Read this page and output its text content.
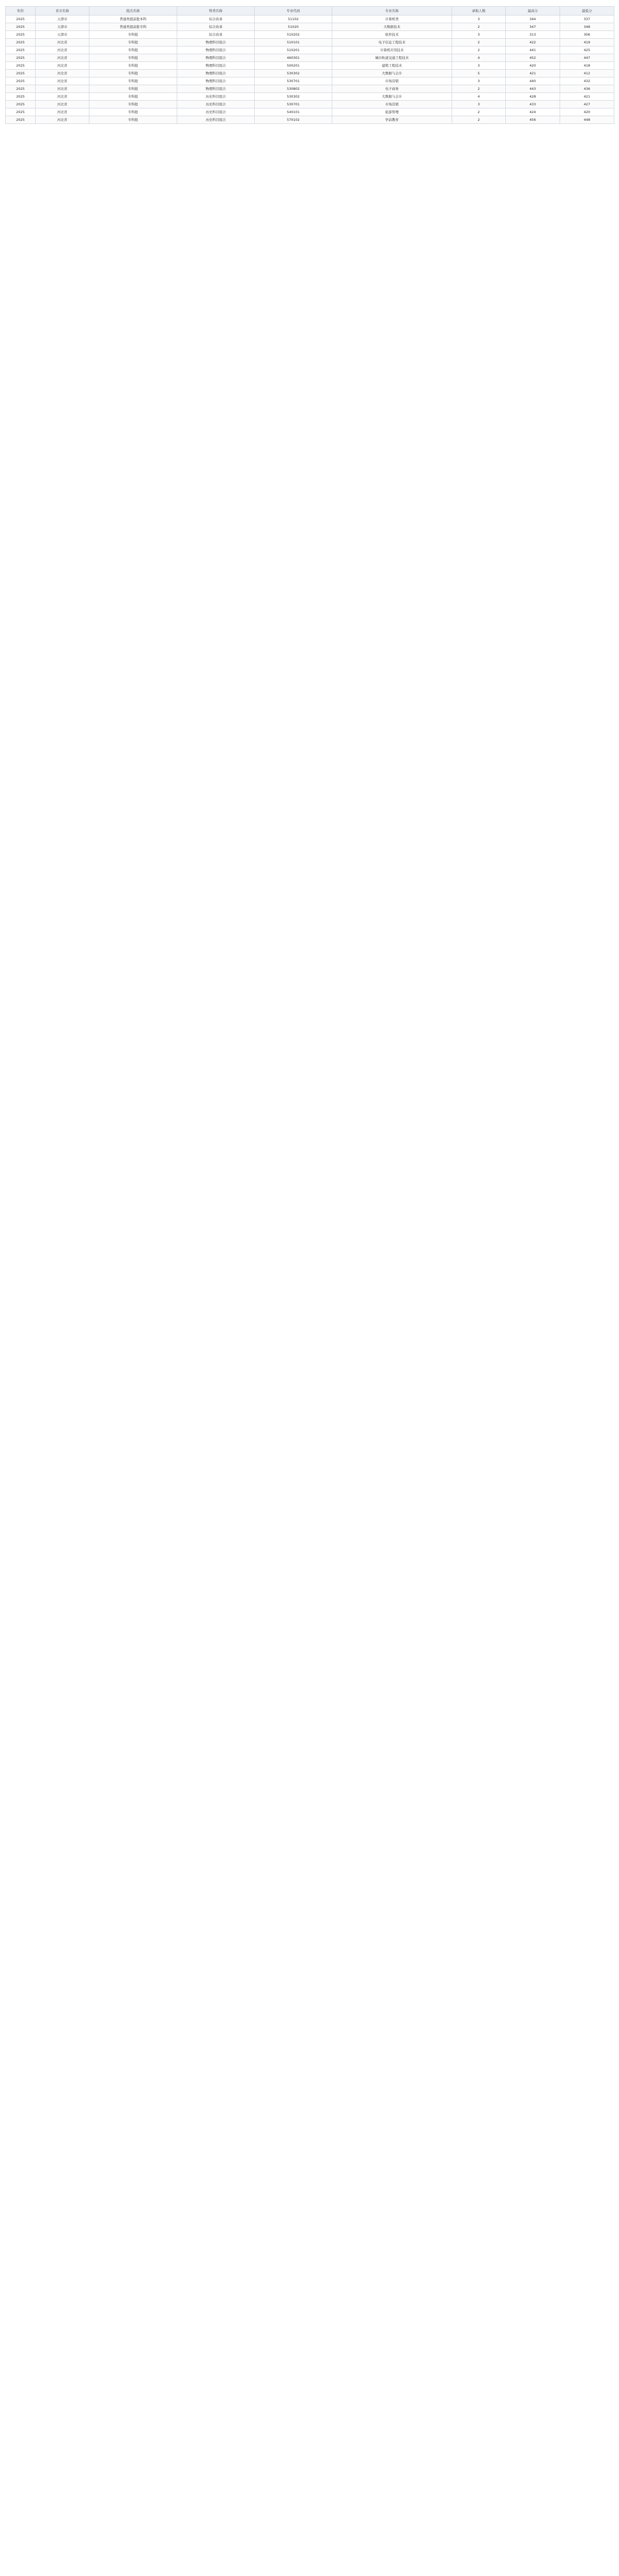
年份	省市名称	批次名称	科类名称	专业代码	专业名称	录取人数	最高分	最低分
2025	天津市	普通类提前批本科	综合改革	51102	计算机类	3	344	337
2025	天津市	普通类提前批专科	综合改革	51020	大数据技术	2	347	348
2025	天津市	专科批	综合改革	510202	软件技术	3	313	306
2025	河北省	专科批	物理科目组合	510101	电子信息工程技术	2	422	419
2025	河北省	专科批	物理科目组合	510201	计算机应用技术	2	441	425
2025	河北省	专科批	物理科目组合	460301	城市轨道交通工程技术	4	452	447
2025	河北省	专科批	物理科目组合	500201	建筑工程技术	3	420	418
2025	河北省	专科批	物理科目组合	530302	大数据与会计	5	421	412
2025	河北省	专科批	物理科目组合	530701	市场营销	3	440	432
2025	河北省	专科批	物理科目组合	530802	电子商务	2	443	436
2025	河北省	专科批	历史科目组合	530302	大数据与会计	4	428	421
2025	河北省	专科批	历史科目组合	530701	市场营销	3	433	427
2025	河北省	专科批	历史科目组合	540101	旅游管理	2	424	420
2025	河北省	专科批	历史科目组合	570102	学前教育	2	456	448
